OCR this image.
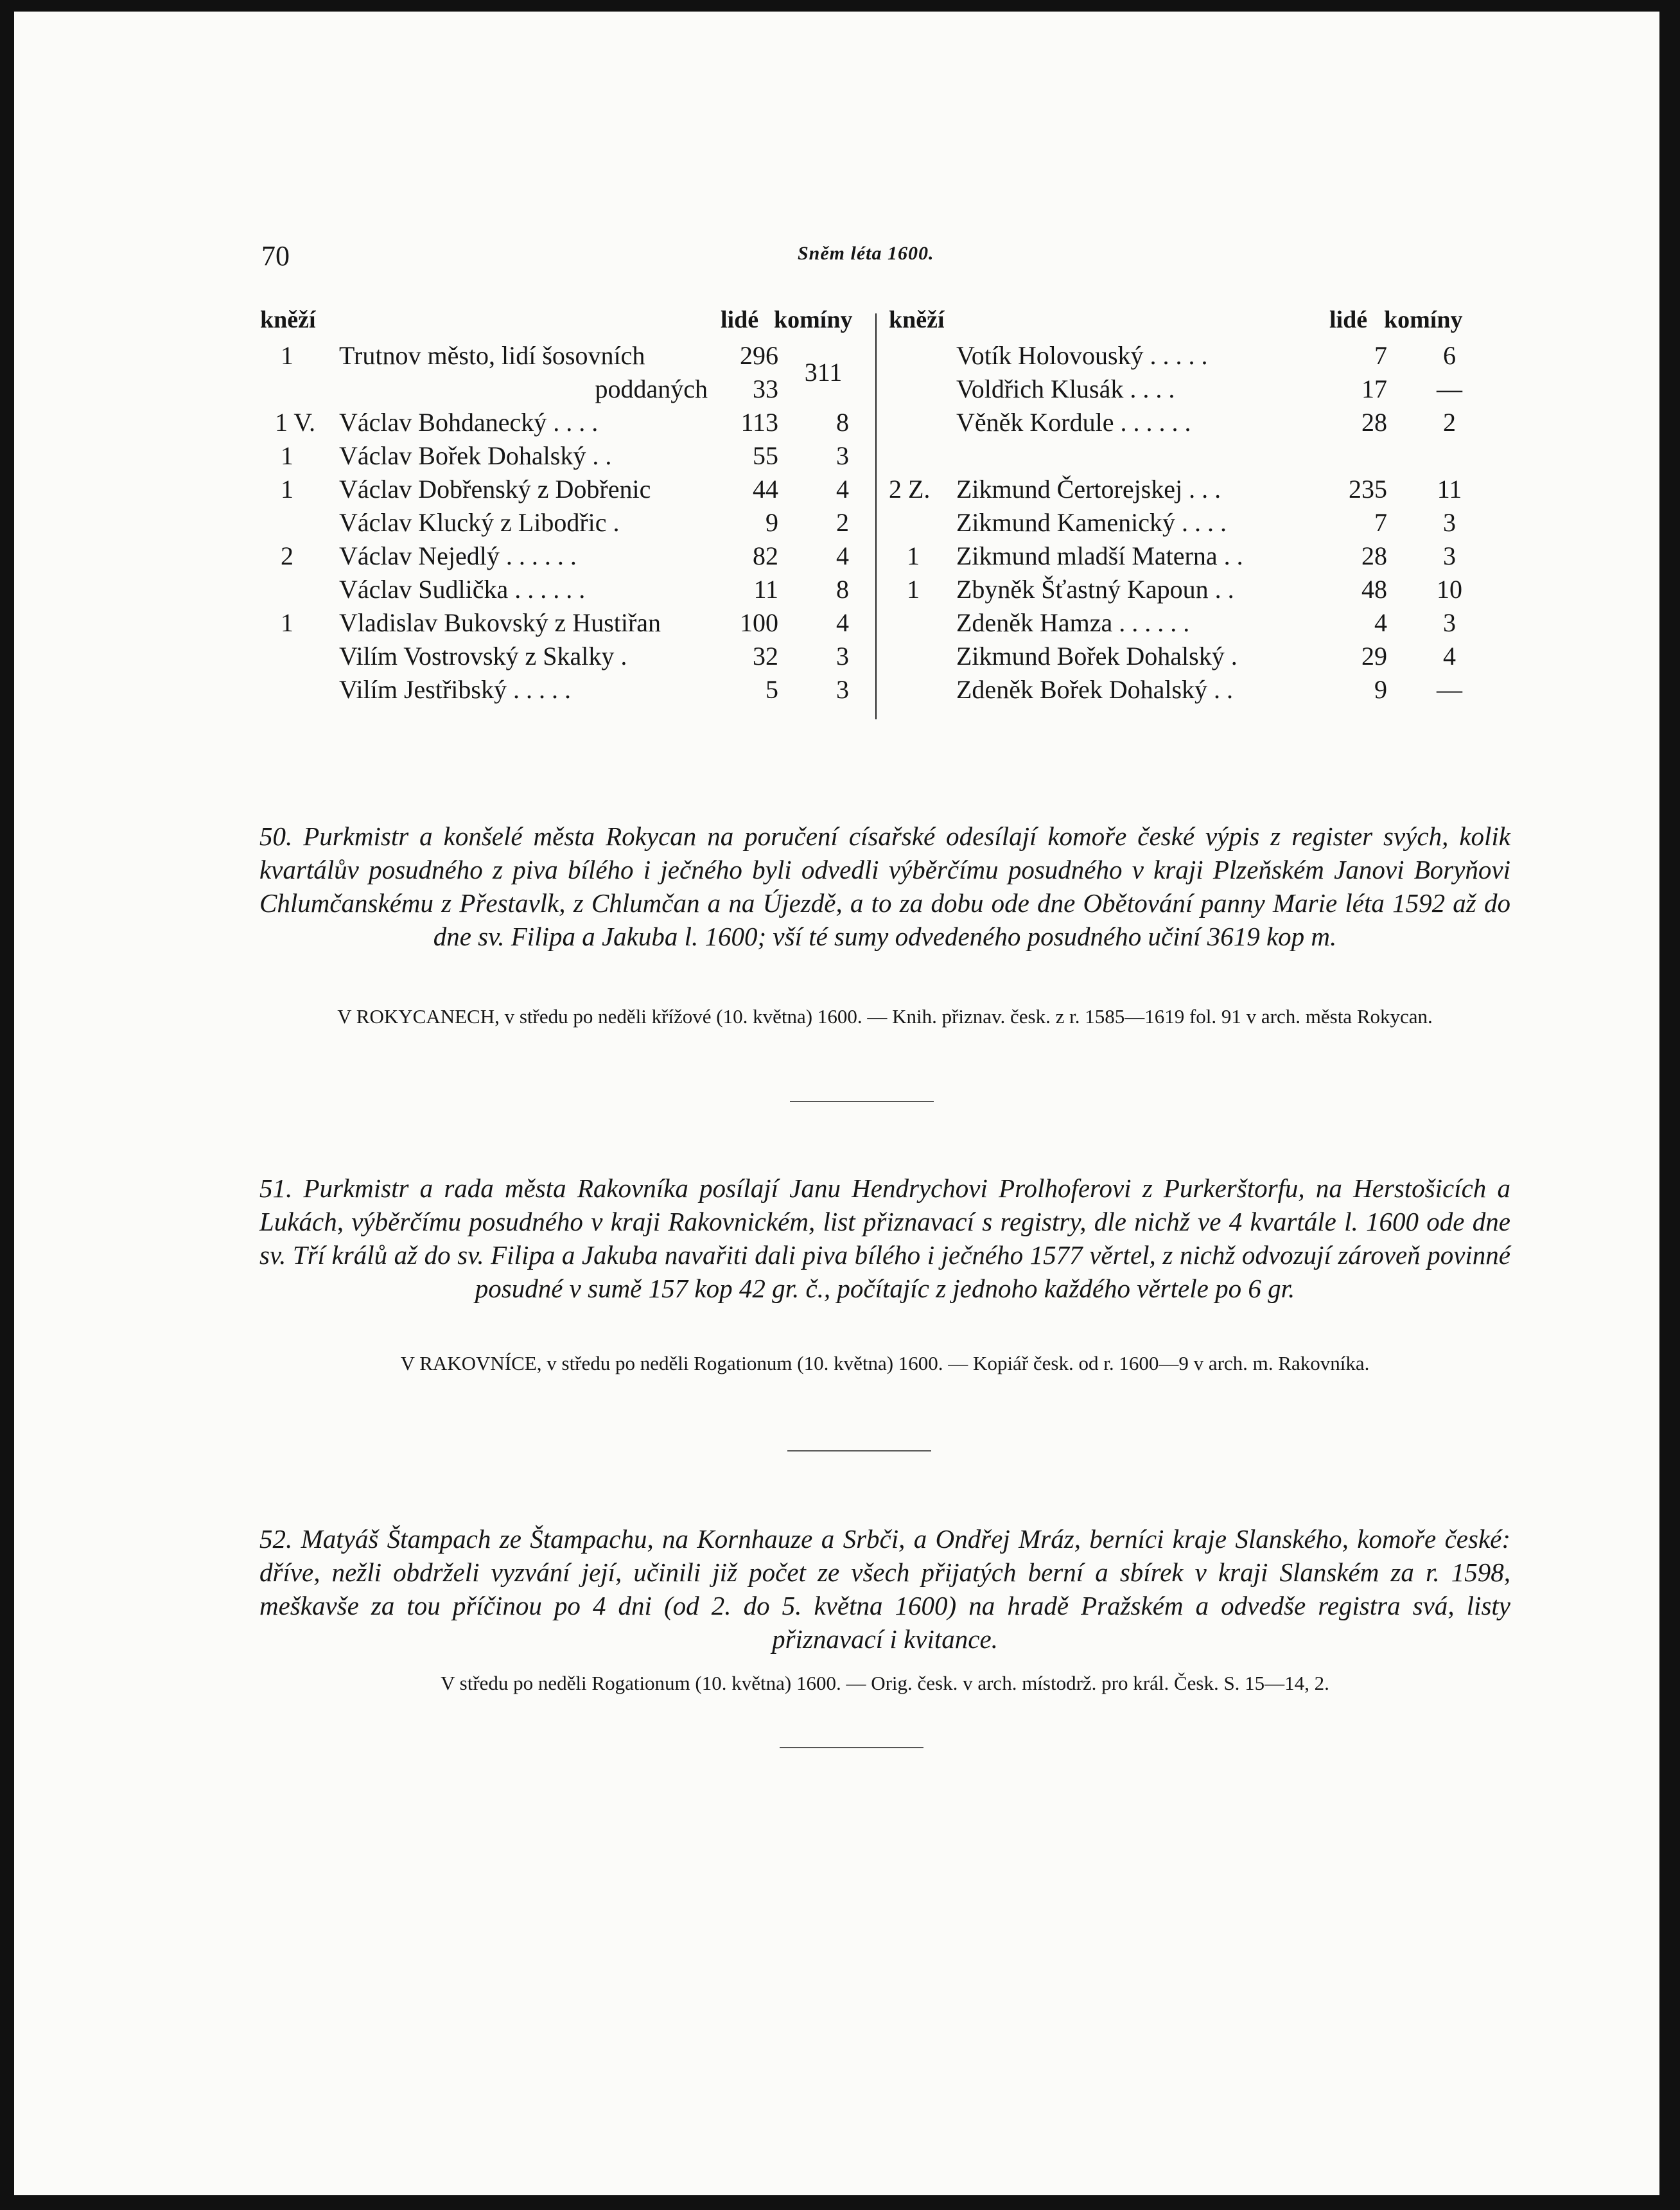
70	Sněm léta 1600.
kněží	lidé komíny
1	Trutnov město, lidí šosovních	296
poddaných	33
311
1 V. Václav Bohdanecký . . . .	113	8
1	Václav Bořek Dohalský . .	55	3
1	Václav Dobřenský z Dobřenic	44	4
Václav Klucký z Libodřic .	9	2
2	Václav Nejedlý . . . . . .	82	4
Václav Sudlička . . . . . .	11	8
1	Vladislav Bukovský z Hustiřan	100	4
Vilím Vostrovský z Skalky .	32	3
Vilím Jestřibský . . . . .	5	3
kněží	lidé komíny
Votík Holovouský . . . . .	7	6
Voldřich Klusák . . . .	17	—
Věněk Kordule . . . . . .	28	2
2 Z. Zikmund Čertorejskej . . .	235	11
Zikmund Kamenický . . . .	7	3
1 Zikmund mladší Materna . .	28	3
1 Zbyněk Šťastný Kapoun . .	48	10
Zdeněk Hamza . . . . . .	4	3
Zikmund Bořek Dohalský .	29	4
Zdeněk Bořek Dohalský . .	9	—
50. Purkmistr a konšelé města Rokycan na poručení císařské odesílají komoře české výpis z register svých, kolik kvartálův posudného z piva bílého i ječného byli odvedli výběrčímu posudného v kraji Plzeňském Janovi Boryňovi Chlumčanskému z Přestavlk, z Chlumčan a na Újezdě, a to za dobu ode dne Obětování panny Marie léta 1592 až do dne sv. Filipa a Jakuba l. 1600; vší té sumy odvedeného posudného učiní 3619 kop m.
V ROKYCANECH, v středu po neděli křížové (10. května) 1600. — Knih. přiznav. česk. z r. 1585—1619 fol. 91 v arch. města Rokycan.
51. Purkmistr a rada města Rakovníka posílají Janu Hendrychovi Prolhoferovi z Purkerštorfu, na Herstošicích a Lukách, výběrčímu posudného v kraji Rakovnickém, list přiznavací s registry, dle nichž ve 4 kvartále l. 1600 ode dne sv. Tří králů až do sv. Filipa a Jakuba navařiti dali piva bílého i ječného 1577 věrtel, z nichž odvozují zároveň povinné posudné v sumě 157 kop 42 gr. č., počítajíc z jednoho každého věrtele po 6 gr.
V RAKOVNÍCE, v středu po neděli Rogationum (10. května) 1600. — Kopiář česk. od r. 1600—9 v arch. m. Rakovníka.
52. Matyáš Štampach ze Štampachu, na Kornhauze a Srbči, a Ondřej Mráz, berníci kraje Slanského, komoře české: dříve, nežli obdrželi vyzvání její, učinili již počet ze všech přijatých berní a sbírek v kraji Slanském za r. 1598, meškavše za tou příčinou po 4 dni (od 2. do 5. května 1600) na hradě Pražském a odvedše registra svá, listy přiznavací i kvitance.
V středu po neděli Rogationum (10. května) 1600. — Orig. česk. v arch. místodrž. pro král. Česk. S. 15—14, 2.
